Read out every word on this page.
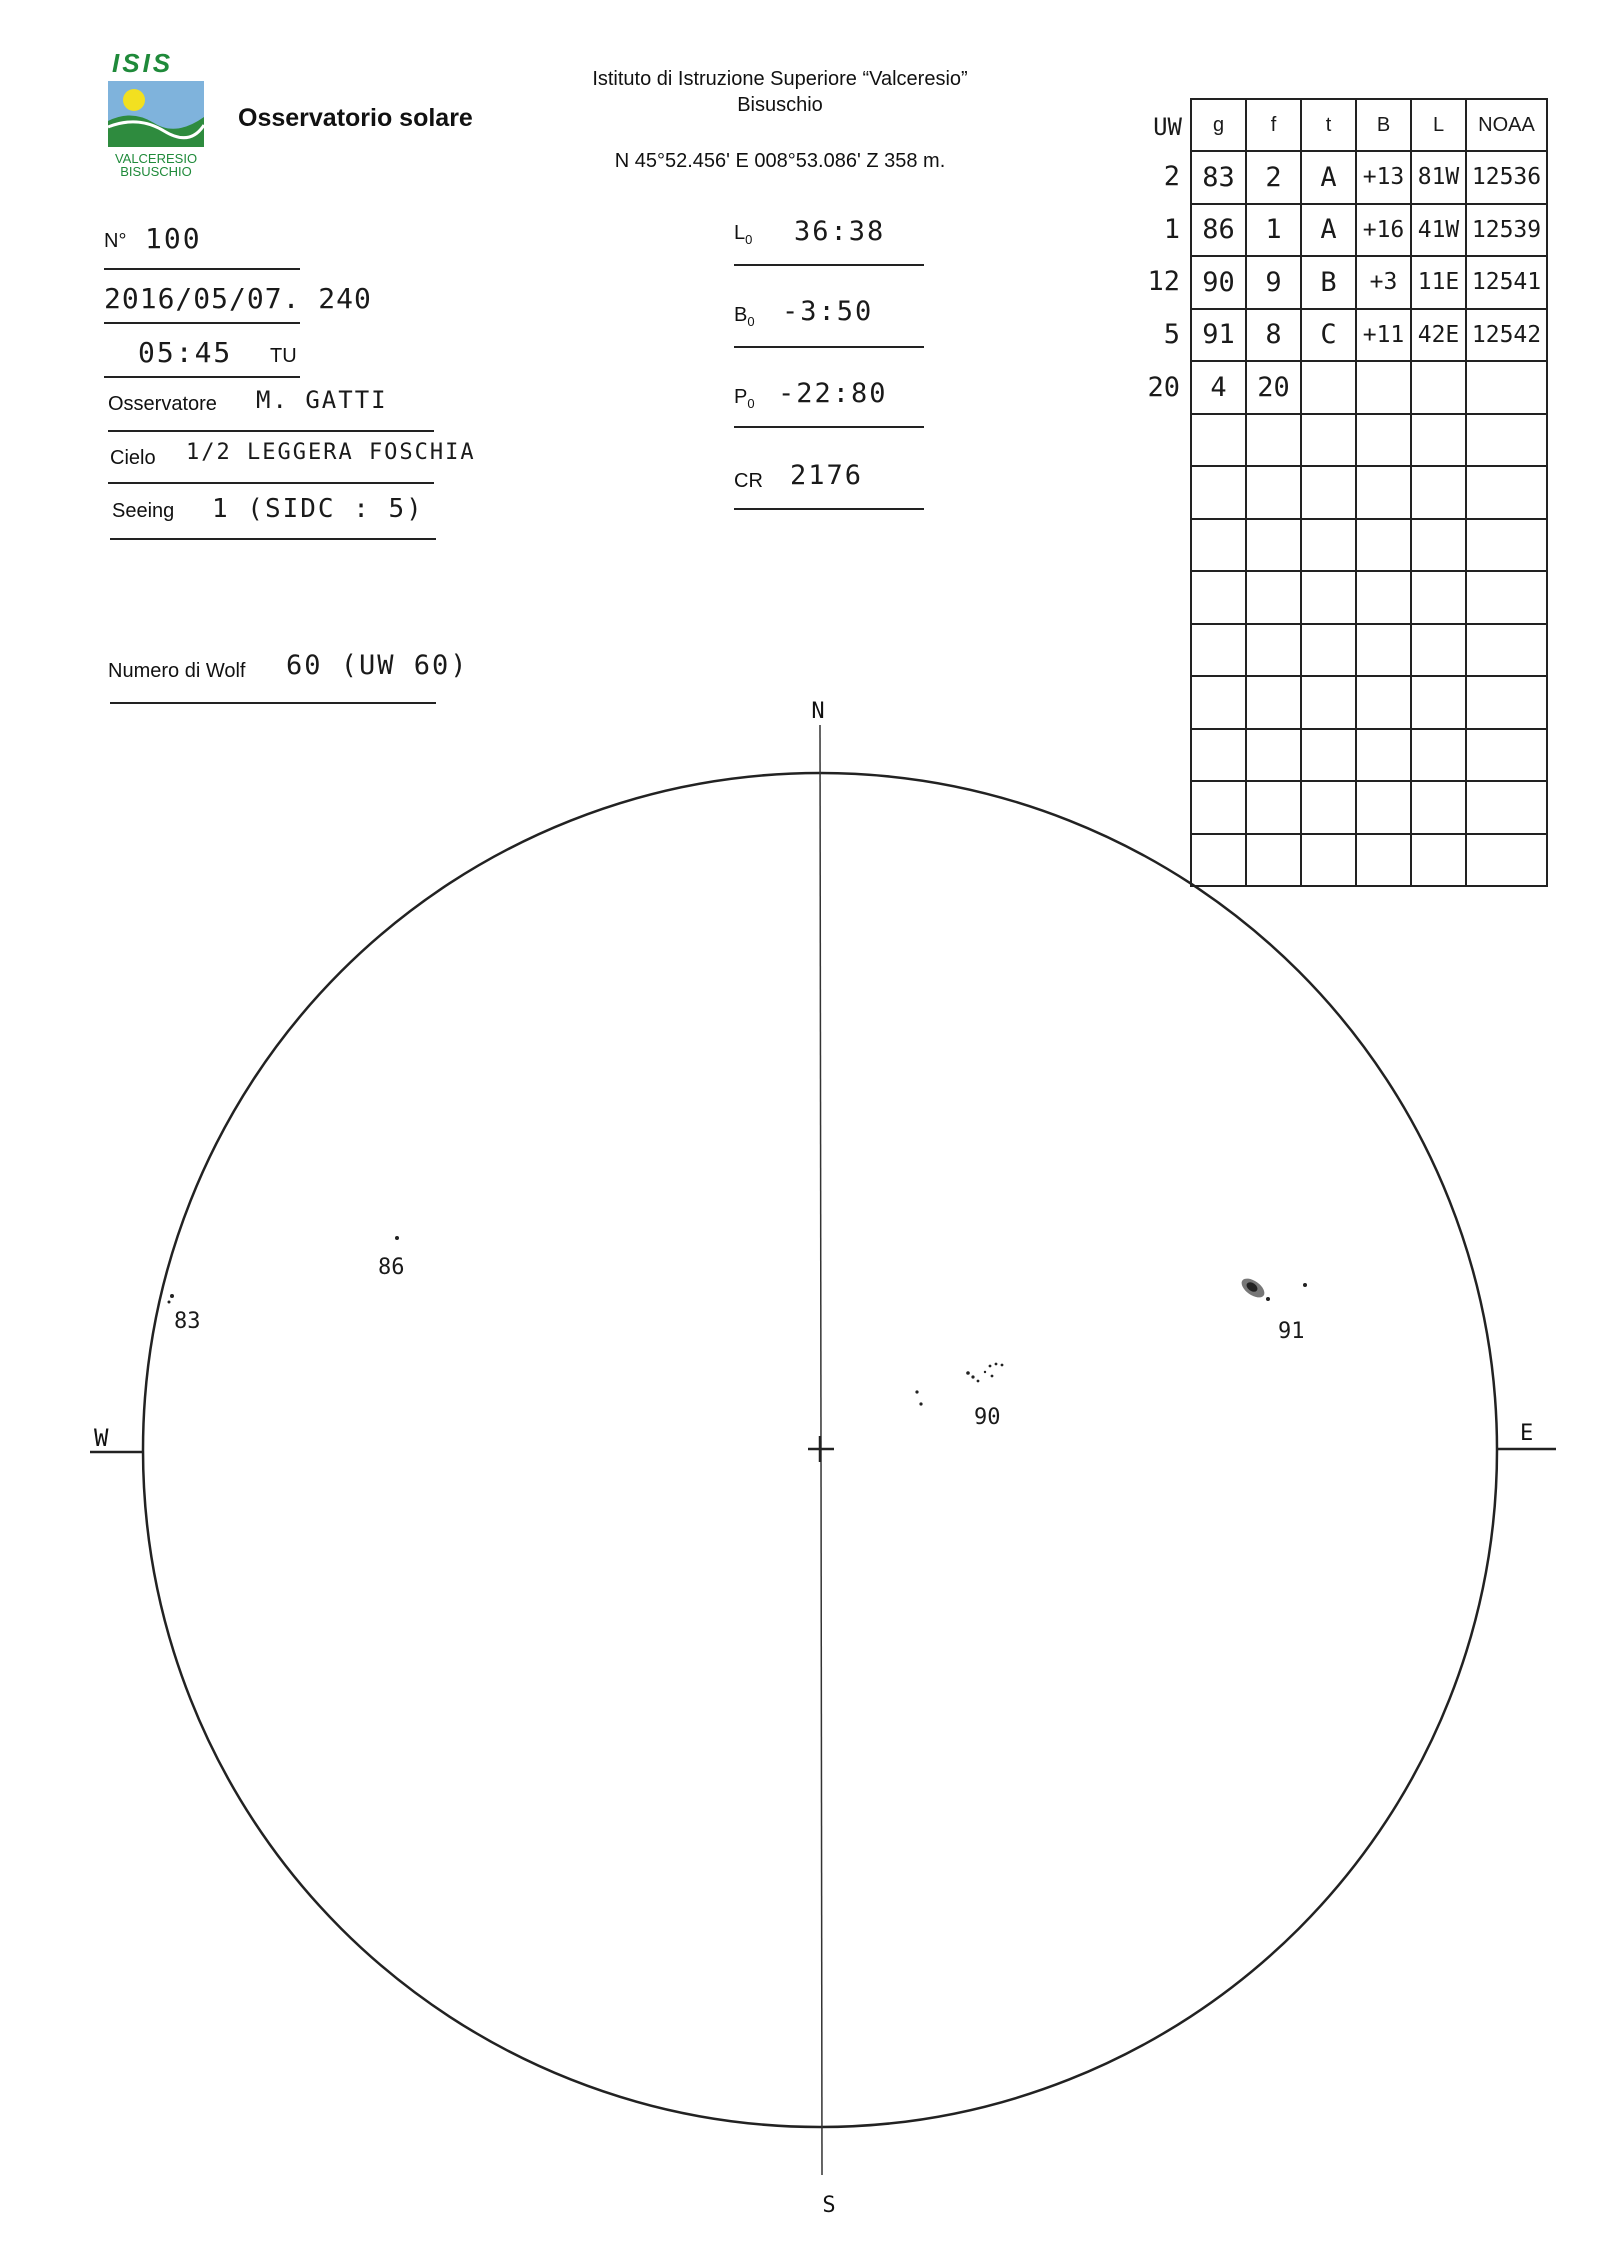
ISIS
VALCERESIO
BISUSCHIO
Osservatorio solare
Istituto di Istruzione Superiore “Valceresio”
Bisuschio
N 45°52.456' E 008°53.086' Z 358 m.
N° 100
2016/05/07. 240
05:45 TU
Osservatore M. GATTI
Cielo 1/2 LEGGERA FOSCHIA
Seeing 1 (SIDC : 5)
Numero di Wolf 60 (UW 60)
$L_0$ 36:38
$B_0$ -3:50
$P_0$ -22:80
CR 2176
UW	g	f	t	B	L	NOAA

2	83	2	A	+13	81W	12536

1	86	1	A	+16	41W	12539

12	90	9	B	+3	11E	12541

5	91	8	C	+11	42E	12542

20	4	20				

N
S
W	E
83
86
90
91
